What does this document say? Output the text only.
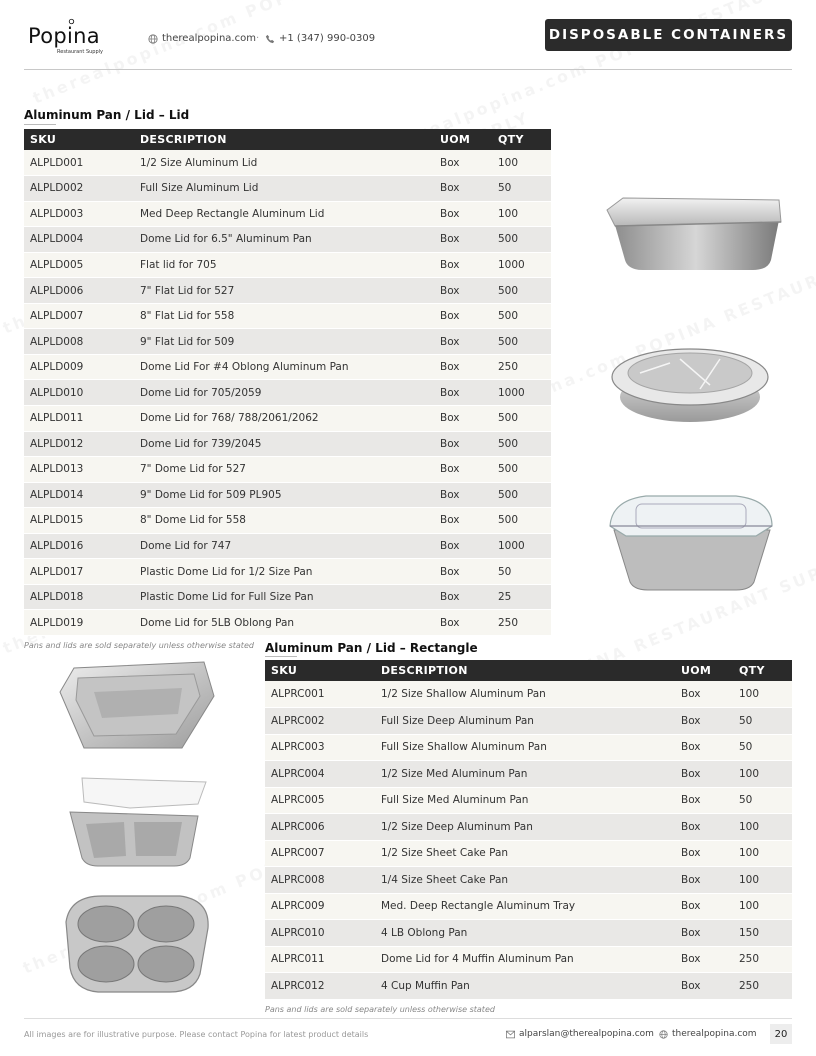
Popina
Restaurant Supply
therealpopina.com · +1 (347) 990-0309	DISPOSABLE CONTAINERS
Aluminum Pan / Lid – Lid
SKU	DESCRIPTION	UOM	QTY
ALPLD001	1/2 Size Aluminum Lid	Box	100
ALPLD002	Full Size Aluminum Lid	Box	50
ALPLD003	Med Deep Rectangle Aluminum Lid	Box	100
ALPLD004	Dome Lid for 6.5" Aluminum Pan	Box	500
ALPLD005	Flat lid for 705	Box	1000
ALPLD006	7" Flat Lid for 527	Box	500
ALPLD007	8" Flat Lid for 558	Box	500
ALPLD008	9" Flat Lid for 509	Box	500
ALPLD009	Dome Lid For #4 Oblong Aluminum Pan	Box	250
ALPLD010	Dome Lid for 705/2059	Box	1000
ALPLD011	Dome Lid for 768/ 788/2061/2062	Box	500
ALPLD012	Dome Lid for 739/2045	Box	500
ALPLD013	7" Dome Lid for 527	Box	500
ALPLD014	9" Dome Lid for 509 PL905	Box	500
ALPLD015	8" Dome Lid for 558	Box	500
ALPLD016	Dome Lid for 747	Box	1000
ALPLD017	Plastic Dome Lid for 1/2 Size Pan	Box	50
ALPLD018	Plastic Dome Lid for Full Size Pan	Box	25
ALPLD019	Dome Lid for 5LB Oblong Pan	Box	250
Pans and lids are sold separately unless otherwise stated Aluminum Pan / Lid – Rectangle
SKU	DESCRIPTION	UOM	QTY
ALPRC001	1/2 Size Shallow Aluminum Pan	Box	100
ALPRC002	Full Size Deep Aluminum Pan	Box	50
ALPRC003	Full Size Shallow Aluminum Pan	Box	50
ALPRC004	1/2 Size Med Aluminum Pan	Box	100
ALPRC005	Full Size Med Aluminum Pan	Box	50
ALPRC006	1/2 Size Deep Aluminum Pan	Box	100
ALPRC007	1/2 Size Sheet Cake Pan	Box	100
ALPRC008	1/4 Size Sheet Cake Pan	Box	100
ALPRC009	Med. Deep Rectangle Aluminum Tray	Box	100
ALPRC010	4 LB Oblong Pan	Box	150
ALPRC011	Dome Lid for 4 Muffin Aluminum Pan	Box	250
ALPRC012	4 Cup Muffin Pan	Box	250
Pans and lids are sold separately unless otherwise stated
All images are for illustrative purpose. Please contact Popina for latest product details	alparslan@therealpopina.com therealpopina.com	20
